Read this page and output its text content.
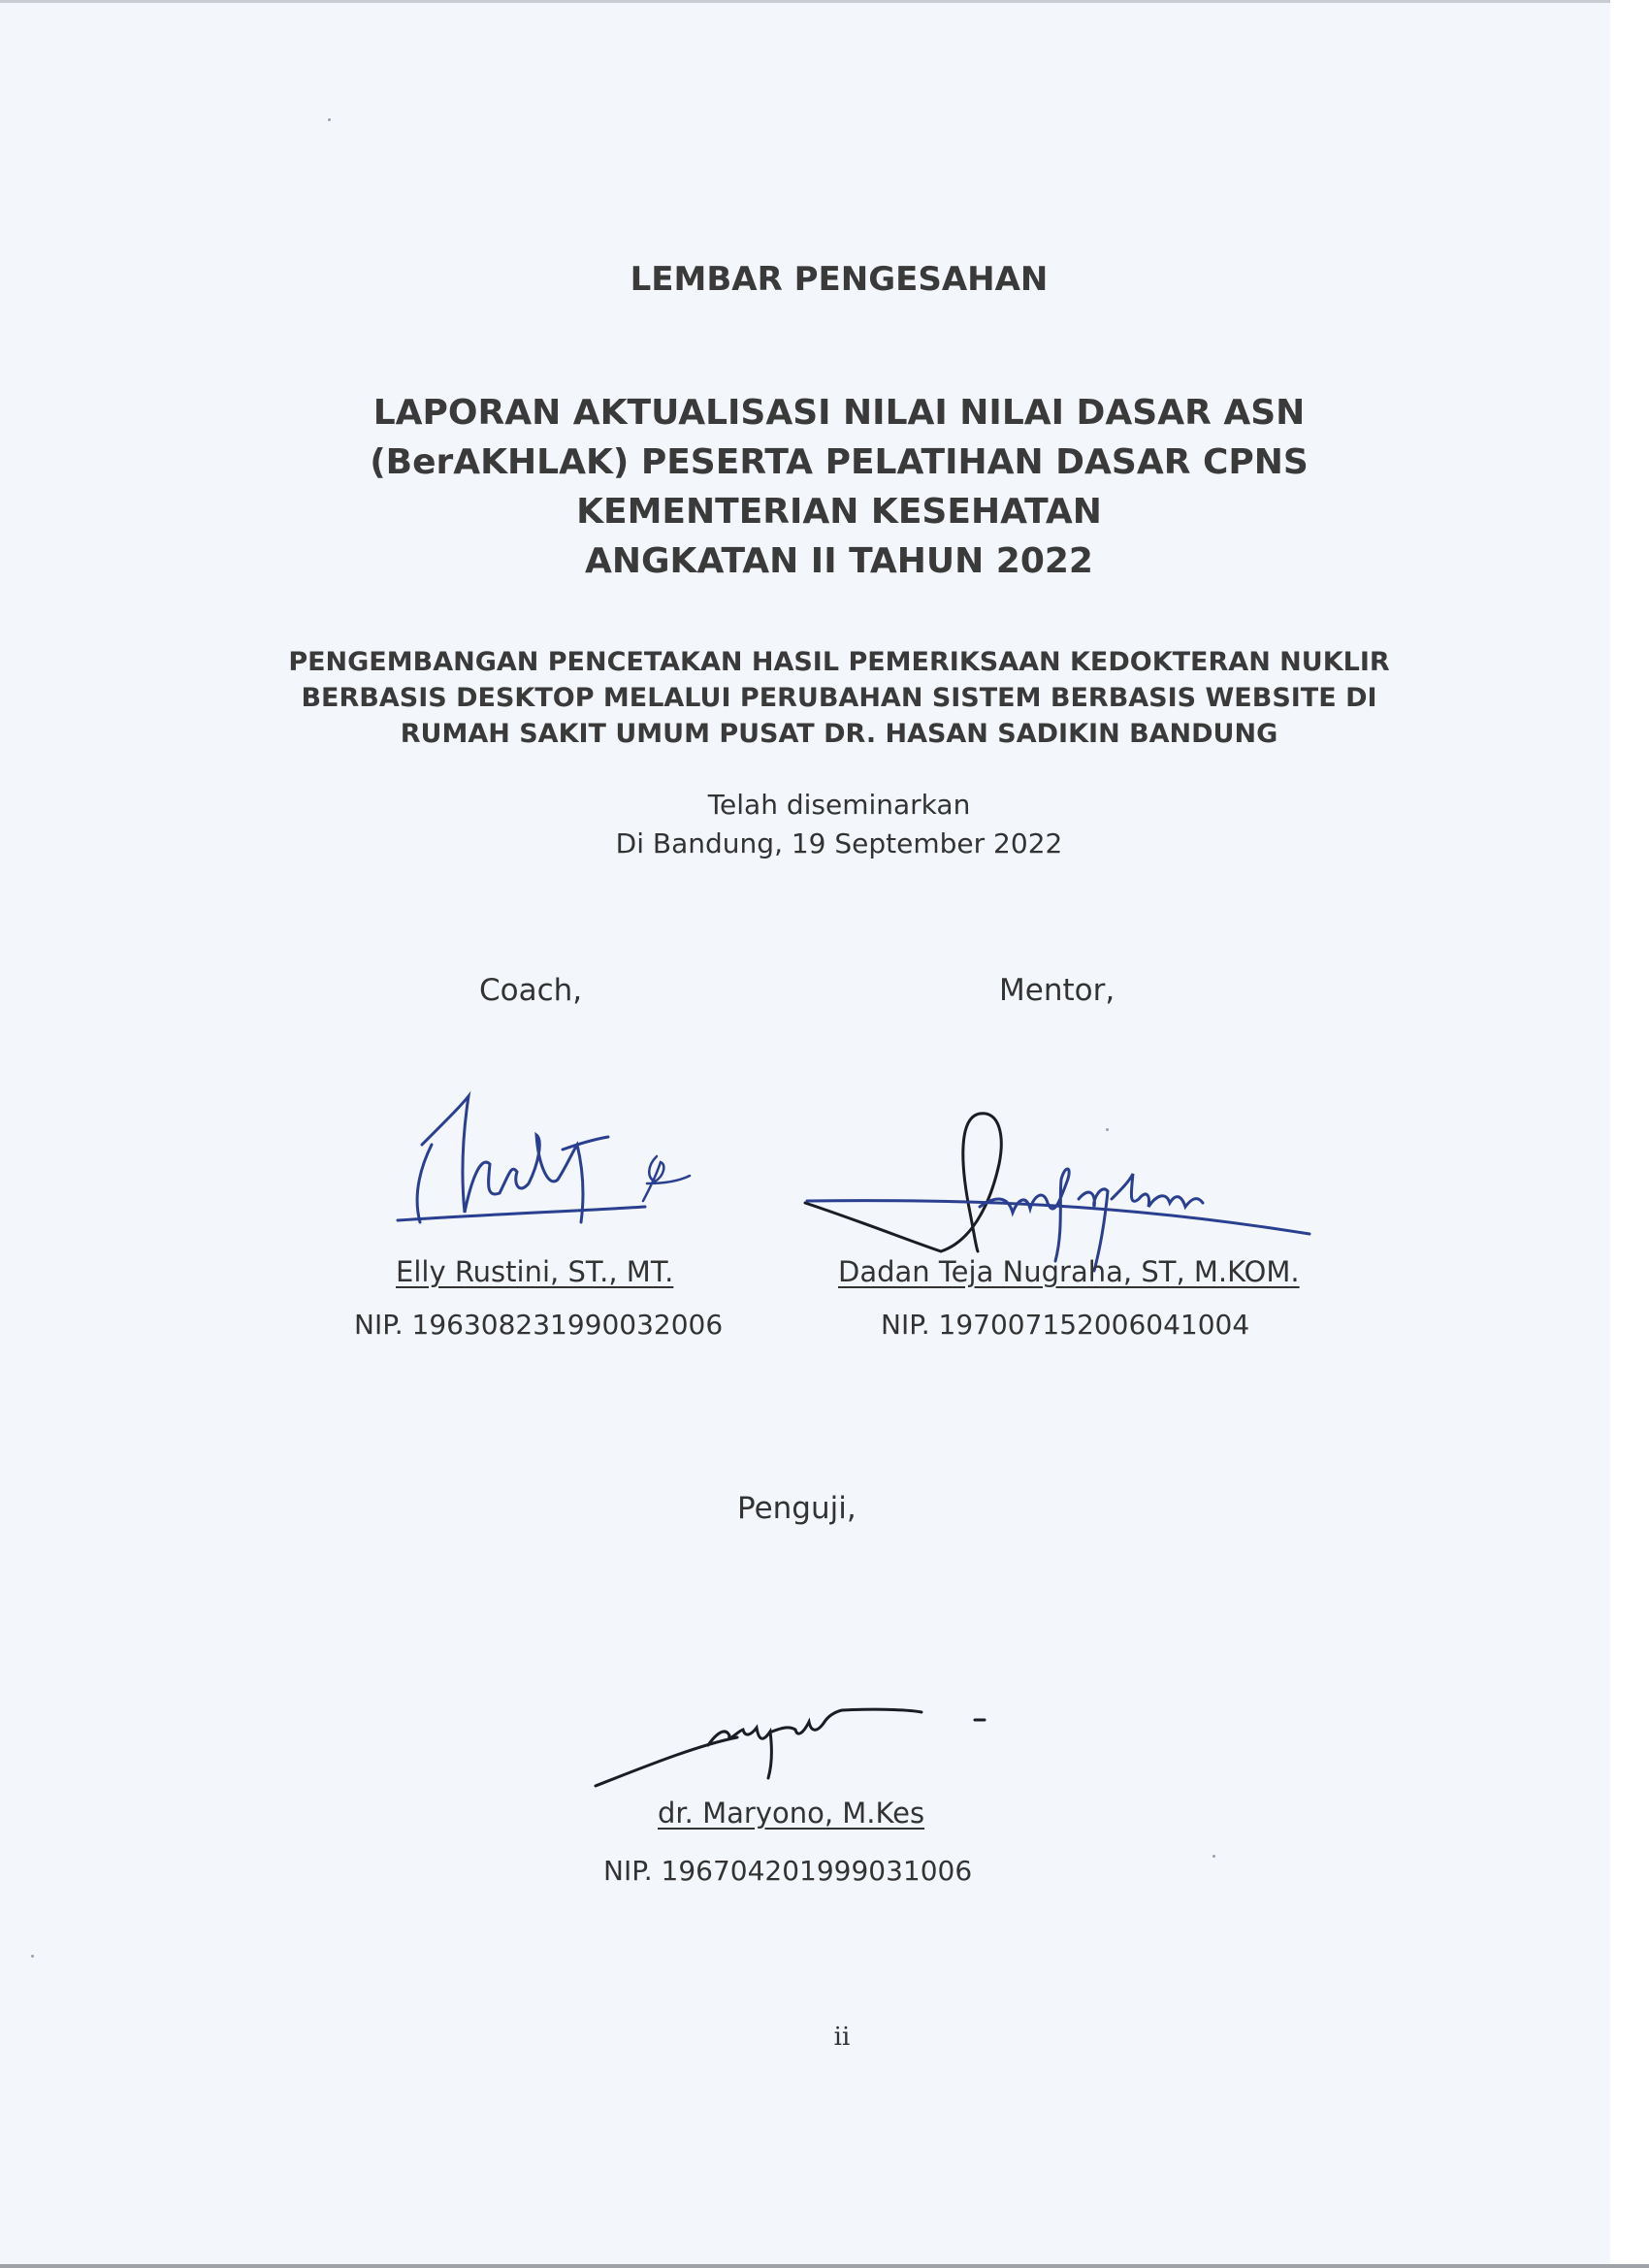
LEMBAR PENGESAHAN
LAPORAN AKTUALISASI NILAI NILAI DASAR ASN
(BerAKHLAK) PESERTA PELATIHAN DASAR CPNS
KEMENTERIAN KESEHATAN
ANGKATAN II TAHUN 2022
PENGEMBANGAN PENCETAKAN HASIL PEMERIKSAAN KEDOKTERAN NUKLIR
BERBASIS DESKTOP MELALUI PERUBAHAN SISTEM BERBASIS WEBSITE DI
RUMAH SAKIT UMUM PUSAT DR. HASAN SADIKIN BANDUNG
Telah diseminarkan
Di Bandung, 19 September 2022
Coach,
Elly Rustini, ST., MT.
NIP. 196308231990032006
Mentor,
Dadan Teja Nugraha, ST, M.KOM.
NIP. 197007152006041004
Penguji,
dr. Maryono, M.Kes
NIP. 196704201999031006
ii
